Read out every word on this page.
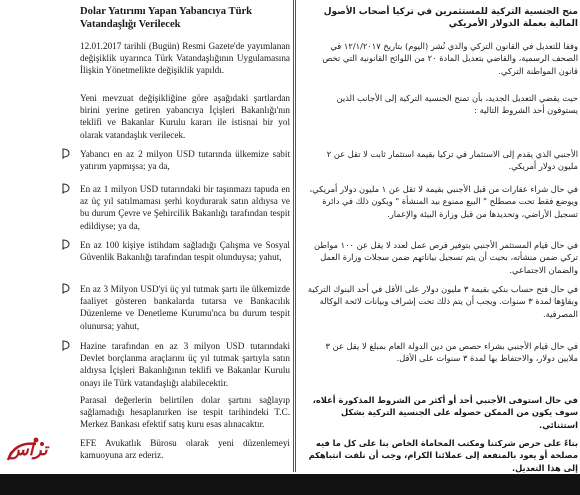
Dolar Yatırımı Yapan Yabancıya Türk Vatandaşlığı Verilecek

12.01.2017 tarihli (Bugün) Resmi Gazete'de yayımlanan değişiklik uyarınca Türk Vatandaşlığının Uygulamasına İlişkin Yönetmelikte değişiklik yapıldı.

Yeni mevzuat değişikliğine göre aşağıdaki şartlardan birini yerine getiren yabancıya İçişleri Bakanlığı'nın teklifi ve Bakanlar Kurulu kararı ile istisnai bir yol olarak vatandaşlık verilecek.

Yabancı en az 2 milyon USD tutarında ülkemize sabit yatırım yapmışsa; ya da,

En az 1 milyon USD tutarındaki bir taşınmazı tapuda en az üç yıl satılmaması şerhi koydurarak satın aldıysa ve bu durum Çevre ve Şehircilik Bakanlığı tarafından tespit edildiyse; ya da,

En az 100 kişiye istihdam sağladığı Çalışma ve Sosyal Güvenlik Bakanlığı tarafından tespit olunduysa; yahut,

En az 3 Milyon USD'yi üç yıl tutmak şartı ile ülkemizde faaliyet gösteren bankalarda tutarsa ve Bankacılık Düzenleme ve Denetleme Kurumu'nca bu durum tespit olunursa; yahut,

Hazine tarafından en az 3 milyon USD tutarındaki Devlet borçlanma araçlarını üç yıl tutmak şartıyla satın aldıysa İçişleri Bakanlığının teklifi ve Bakanlar Kurulu onayı ile Türk vatandaşlığı alabilecektir.

Parasal değerlerin belirtilen dolar şartını sağlayıp sağlamadığı hesaplanırken ise tespit tarihindeki T.C. Merkez Bankası efektif satış kuru esas alınacaktır.

EFE Avukatlık Bürosu olarak yeni düzenlemeyi kamuoyuna arz ederiz.

منح الجنسية التركية للمستثمرين في تركيا أصحاب الأصول المالية بعملة الدولار الأمريكي

وفقا للتعديل في القانون التركي والذي نُشر (اليوم) بتاريخ ١٢/١/٢٠١٧ في الصحف الرسمية، والقاضي بتعديل المادة ٢٠ من اللوائح القانونية التي تخص قانون المواطنة التركي.

حيث يقضي التعديل الجديد، بأن تمنح الجنسية التركية إلى الأجانب الذين يستوفون أحد الشروط التالية :

الأجنبي الذي يقدم إلى الاستثمار في تركيا بقيمة استثمار ثابت لا تقل عن ٢ مليون دولار أمريكي.

في حال شراء عقارات من قبل الأجنبي بقيمة لا تقل عن ١ مليون دولار أمريكي، ويوضع فقط تحت مصطلح " البيع ممنوع بيد المنشأة " ويكون ذلك في دائرة تسجيل الأراضي، وتحديدها من قبل وزارة البيئة والإعمار.

في حال قيام المستثمر الأجنبي بتوفير فرص عمل لعدد لا يقل عن ١٠٠ مواطن تركي ضمن منشأته، بحيث أن يتم تسجيل بياناتهم ضمن سجلات وزارة العمل والضمان الاجتماعي.

في حال فتح حساب بنكي بقيمة ٣ مليون دولار على الأقل في أحد البنوك التركية وبقاؤها لمدة ٣ سنوات. ويجب أن يتم ذلك تحت إشراف وبيانات لائحة الوكالة المصرفية.

في حال قيام الأجنبي بشراء حصص من دين الدولة العام بمبلغ لا يقل عن ٣ ملايين دولار، والاحتفاظ بها لمدة ٣ سنوات على الأقل.

في حال استوفى الأجنبي أحد أو أكثر من الشروط المذكورة أعلاه، سوف يكون من الممكن حصوله على الجنسية التركية بشكل استثنائي.

بناءً على حرص شركتنا ومكتب المحاماة الخاص بنا على كل ما فيه مصلحة أو يعود بالمنفعة إلى عملائنا الكرام، وجب أن نلفت انتباهكم إلى هذا التعديل.

تراس
